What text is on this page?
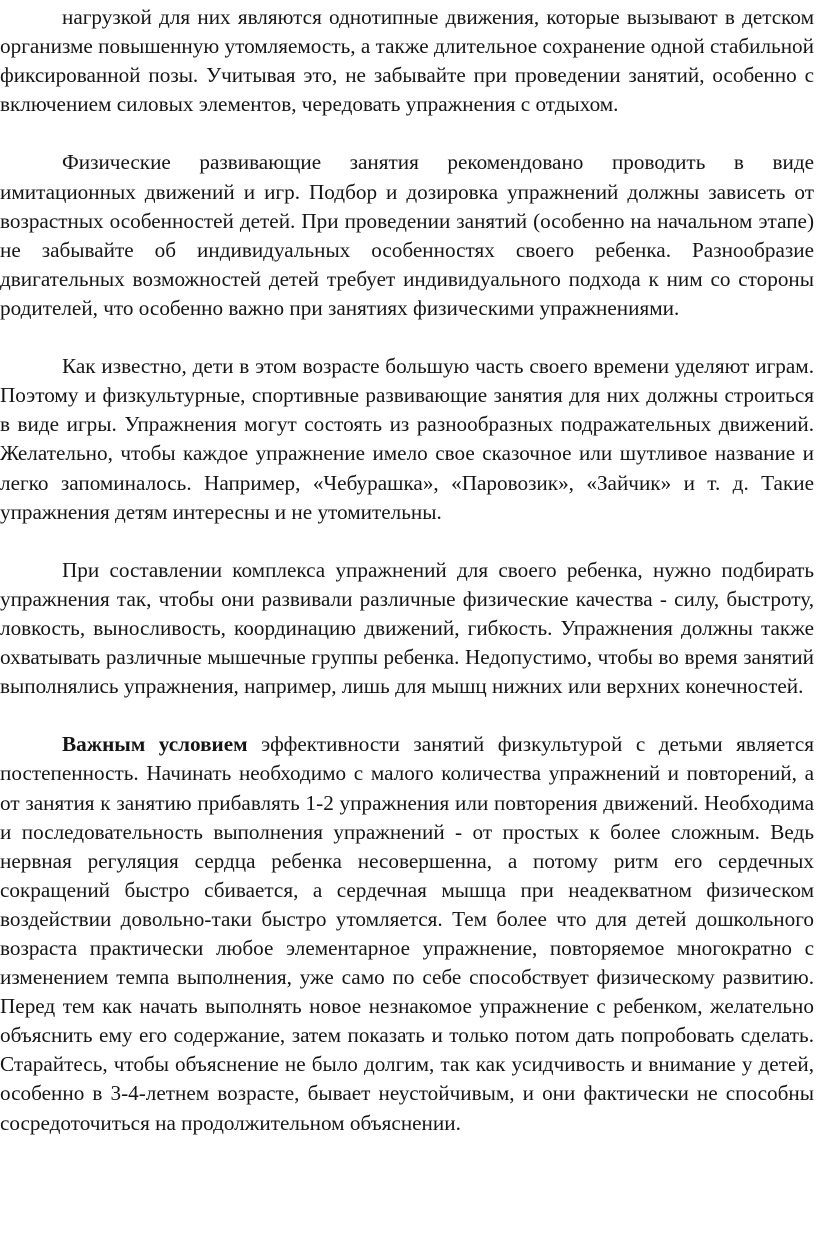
нагрузкой для них являются однотипные движения, которые вызывают в детском организме повышенную утомляемость, а также длительное сохранение одной стабильной фиксированной позы. Учитывая это, не забывайте при проведении занятий, особенно с включением силовых элементов, чередовать упражнения с отдыхом.

Физические развивающие занятия рекомендовано проводить в виде имитационных движений и игр. Подбор и дозировка упражнений должны зависеть от возрастных особенностей детей. При проведении занятий (особенно на начальном этапе) не забывайте об индивидуальных особенностях своего ребенка. Разнообразие двигательных возможностей детей требует индивидуального подхода к ним со стороны родителей, что особенно важно при занятиях физическими упражнениями.

Как известно, дети в этом возрасте большую часть своего времени уделяют играм. Поэтому и физкультурные, спортивные развивающие занятия для них должны строиться в виде игры. Упражнения могут состоять из разнообразных подражательных движений. Желательно, чтобы каждое упражнение имело свое сказочное или шутливое название и легко запоминалось. Например, «Чебурашка», «Паровозик», «Зайчик» и т. д. Такие упражнения детям интересны и не утомительны.

При составлении комплекса упражнений для своего ребенка, нужно подбирать упражнения так, чтобы они развивали различные физические качества - силу, быстроту, ловкость, выносливость, координацию движений, гибкость. Упражнения должны также охватывать различные мышечные группы ребенка. Недопустимо, чтобы во время занятий выполнялись упражнения, например, лишь для мышц нижних или верхних конечностей.

Важным условием эффективности занятий физкультурой с детьми является постепенность. Начинать необходимо с малого количества упражнений и повторений, а от занятия к занятию прибавлять 1-2 упражнения или повторения движений. Необходима и последовательность выполнения упражнений - от простых к более сложным. Ведь нервная регуляция сердца ребенка несовершенна, а потому ритм его сердечных сокращений быстро сбивается, а сердечная мышца при неадекватном физическом воздействии довольно-таки быстро утомляется. Тем более что для детей дошкольного возраста практически любое элементарное упражнение, повторяемое многократно с изменением темпа выполнения, уже само по себе способствует физическому развитию. Перед тем как начать выполнять новое незнакомое упражнение с ребенком, желательно объяснить ему его содержание, затем показать и только потом дать попробовать сделать. Старайтесь, чтобы объяснение не было долгим, так как усидчивость и внимание у детей, особенно в 3-4-летнем возрасте, бывает неустойчивым, и они фактически не способны сосредоточиться на продолжительном объяснении.
